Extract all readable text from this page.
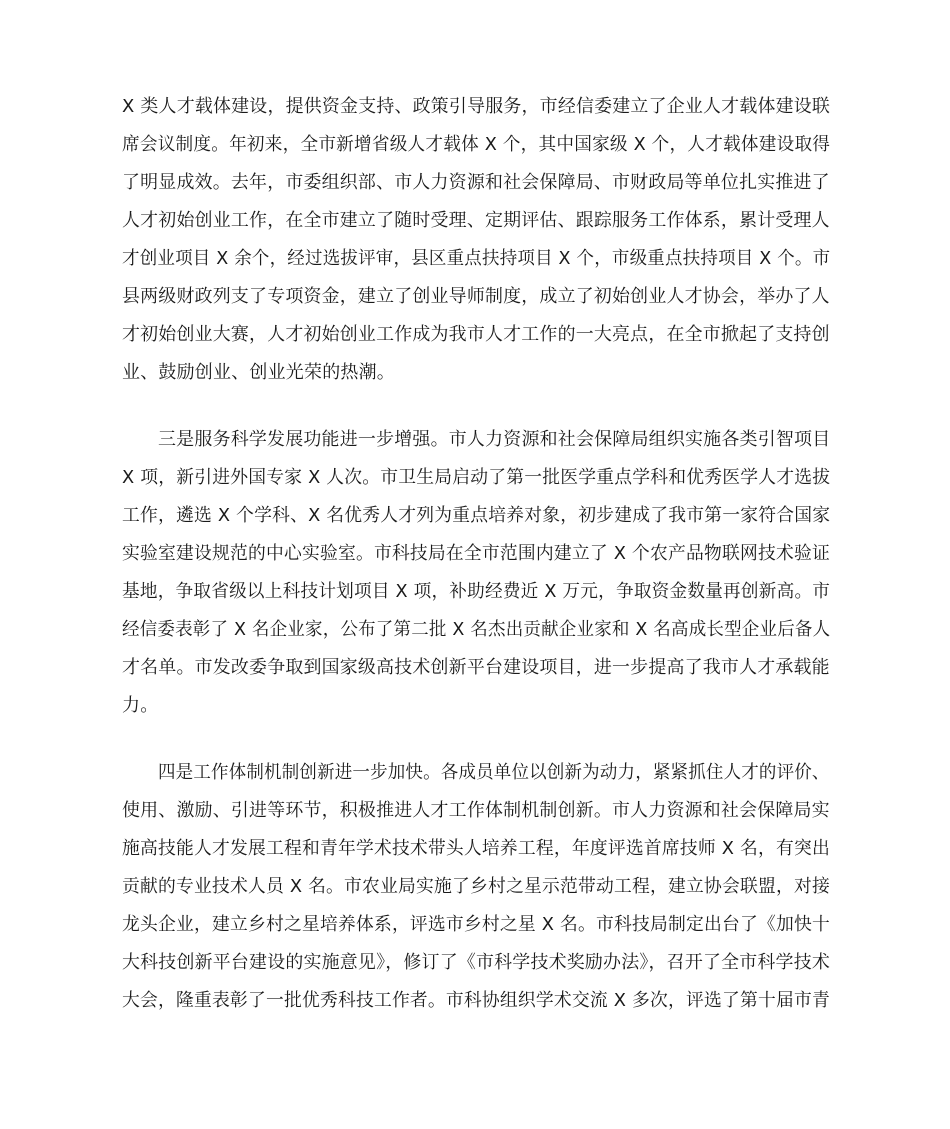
X 类人才载体建设，提供资金支持、政策引导服务，市经信委建立了企业人才载体建设联
席会议制度。年初来，全市新增省级人才载体 X 个，其中国家级 X 个，人才载体建设取得
了明显成效。去年，市委组织部、市人力资源和社会保障局、市财政局等单位扎实推进了
人才初始创业工作，在全市建立了随时受理、定期评估、跟踪服务工作体系，累计受理人
才创业项目 X 余个，经过选拔评审，县区重点扶持项目 X 个，市级重点扶持项目 X 个。市
县两级财政列支了专项资金，建立了创业导师制度，成立了初始创业人才协会，举办了人
才初始创业大赛，人才初始创业工作成为我市人才工作的一大亮点，在全市掀起了支持创
业、鼓励创业、创业光荣的热潮。
三是服务科学发展功能进一步增强。市人力资源和社会保障局组织实施各类引智项目
X 项，新引进外国专家 X 人次。市卫生局启动了第一批医学重点学科和优秀医学人才选拔
工作，遴选 X 个学科、X 名优秀人才列为重点培养对象，初步建成了我市第一家符合国家
实验室建设规范的中心实验室。市科技局在全市范围内建立了 X 个农产品物联网技术验证
基地，争取省级以上科技计划项目 X 项，补助经费近 X 万元，争取资金数量再创新高。市
经信委表彰了 X 名企业家，公布了第二批 X 名杰出贡献企业家和 X 名高成长型企业后备人
才名单。市发改委争取到国家级高技术创新平台建设项目，进一步提高了我市人才承载能
力。
四是工作体制机制创新进一步加快。各成员单位以创新为动力，紧紧抓住人才的评价、
使用、激励、引进等环节，积极推进人才工作体制机制创新。市人力资源和社会保障局实
施高技能人才发展工程和青年学术技术带头人培养工程，年度评选首席技师 X 名，有突出
贡献的专业技术人员 X 名。市农业局实施了乡村之星示范带动工程，建立协会联盟，对接
龙头企业，建立乡村之星培养体系，评选市乡村之星 X 名。市科技局制定出台了《加快十
大科技创新平台建设的实施意见》，修订了《市科学技术奖励办法》，召开了全市科学技术
大会，隆重表彰了一批优秀科技工作者。市科协组织学术交流 X 多次，评选了第十届市青
